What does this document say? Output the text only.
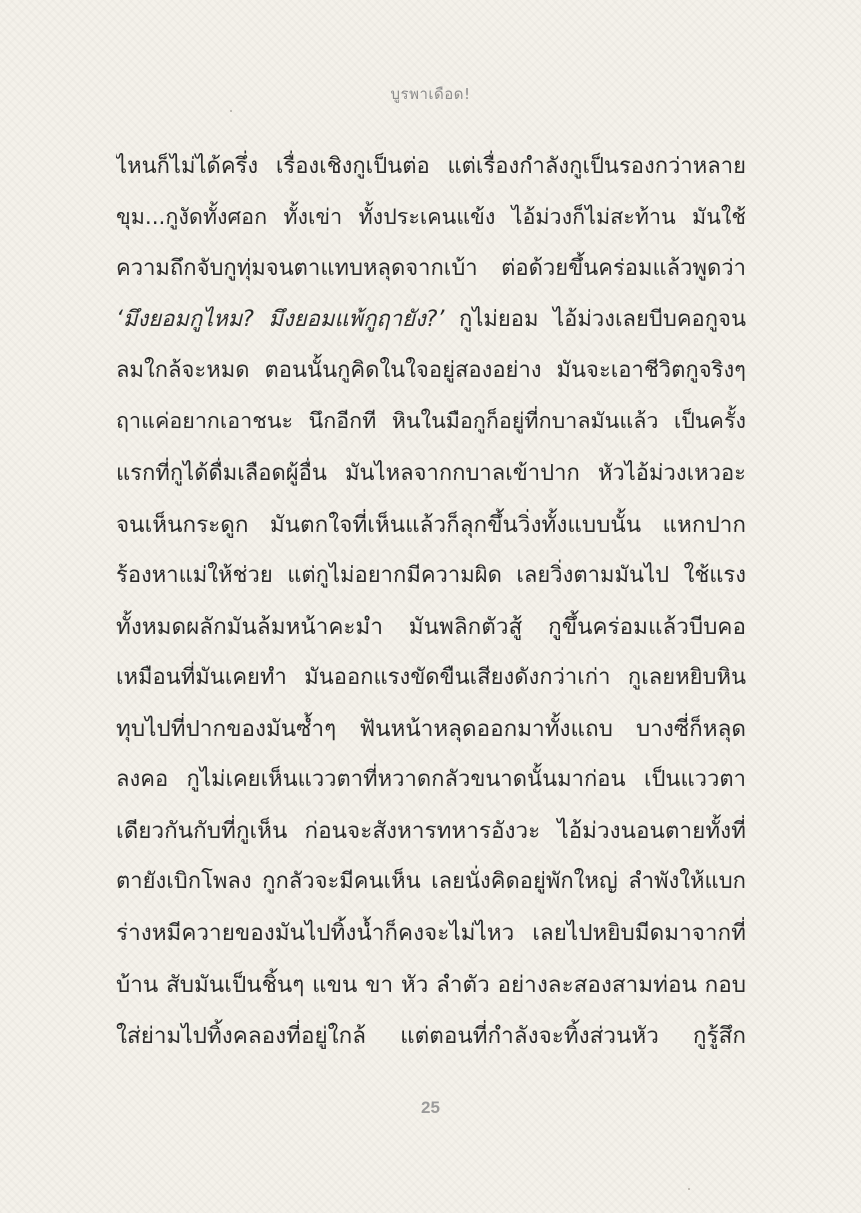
บูรพาเดือด!
ไหนก็ไม่ได้ครึ่ง  เรื่องเชิงกูเป็นต่อ  แต่เรื่องกำลังกูเป็นรองกว่าหลาย
ขุม...กูงัดทั้งศอก  ทั้งเข่า  ทั้งประเคนแข้ง  ไอ้ม่วงก็ไม่สะท้าน  มันใช้
ความถึกจับกูทุ่มจนตาแทบหลุดจากเบ้า  ต่อด้วยขึ้นคร่อมแล้วพูดว่า
‘มึงยอมกูไหม?  มึงยอมแพ้กูฤายัง?’  กูไม่ยอม  ไอ้ม่วงเลยบีบคอกูจน
ลมใกล้จะหมด  ตอนนั้นกูคิดในใจอยู่สองอย่าง  มันจะเอาชีวิตกูจริงๆ
ฤาแค่อยากเอาชนะ  นึกอีกที  หินในมือกูก็อยู่ที่กบาลมันแล้ว  เป็นครั้ง
แรกที่กูได้ดื่มเลือดผู้อื่น  มันไหลจากกบาลเข้าปาก  หัวไอ้ม่วงเหวอะ
จนเห็นกระดูก  มันตกใจที่เห็นแล้วก็ลุกขึ้นวิ่งทั้งแบบนั้น  แหกปาก
ร้องหาแม่ให้ช่วย  แต่กูไม่อยากมีความผิด  เลยวิ่งตามมันไป  ใช้แรง
ทั้งหมดผลักมันล้มหน้าคะมำ  มันพลิกตัวสู้  กูขึ้นคร่อมแล้วบีบคอ
เหมือนที่มันเคยทำ  มันออกแรงขัดขืนเสียงดังกว่าเก่า  กูเลยหยิบหิน
ทุบไปที่ปากของมันซ้ำๆ  ฟันหน้าหลุดออกมาทั้งแถบ  บางซี่ก็หลุด
ลงคอ  กูไม่เคยเห็นแววตาที่หวาดกลัวขนาดนั้นมาก่อน  เป็นแววตา
เดียวกันกับที่กูเห็น  ก่อนจะสังหารทหารอังวะ  ไอ้ม่วงนอนตายทั้งที่
ตายังเบิกโพลง กูกลัวจะมีคนเห็น เลยนั่งคิดอยู่พักใหญ่ ลำพังให้แบก
ร่างหมีควายของมันไปทิ้งน้ำก็คงจะไม่ไหว  เลยไปหยิบมีดมาจากที่
บ้าน สับมันเป็นชิ้นๆ แขน ขา หัว ลำตัว อย่างละสองสามท่อน กอบ
ใส่ย่ามไปทิ้งคลองที่อยู่ใกล้  แต่ตอนที่กำลังจะทิ้งส่วนหัว  กูรู้สึก
25
